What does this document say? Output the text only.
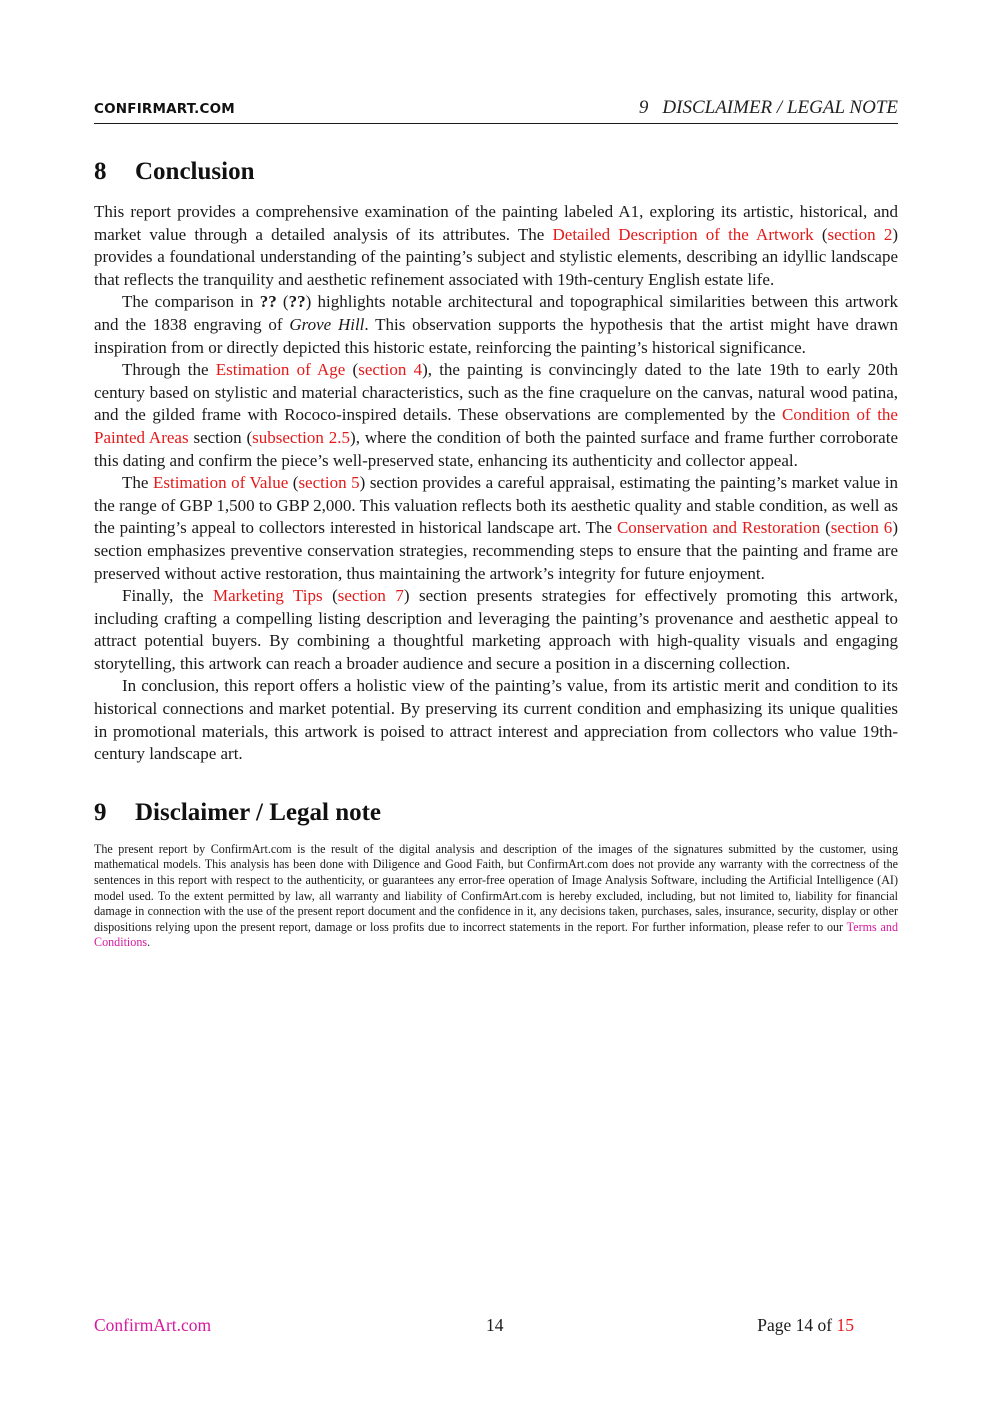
CONFIRMART.COM	9 DISCLAIMER / LEGAL NOTE
8 Conclusion

This report provides a comprehensive examination of the painting labeled A1, exploring its artistic, historical, and market value through a detailed analysis of its attributes. The Detailed Description of the Artwork (section 2) provides a foundational understanding of the painting’s subject and stylistic elements, describing an idyllic landscape that reflects the tranquility and aesthetic refinement associated with 19th-century English estate life.

The comparison in ?? (??) highlights notable architectural and topographical similarities between this artwork and the 1838 engraving of Grove Hill. This observation supports the hypothesis that the artist might have drawn inspiration from or directly depicted this historic estate, reinforcing the painting’s historical significance.

Through the Estimation of Age (section 4), the painting is convincingly dated to the late 19th to early 20th century based on stylistic and material characteristics, such as the fine craquelure on the canvas, natural wood patina, and the gilded frame with Rococo-inspired details. These observations are complemented by the Condition of the Painted Areas section (subsection 2.5), where the condition of both the painted surface and frame further corroborate this dating and confirm the piece’s well-preserved state, enhancing its authenticity and collector appeal.

The Estimation of Value (section 5) section provides a careful appraisal, estimating the painting’s market value in the range of GBP 1,500 to GBP 2,000. This valuation reflects both its aesthetic quality and stable condition, as well as the painting’s appeal to collectors interested in historical landscape art. The Conservation and Restoration (section 6) section emphasizes preventive conservation strategies, recommending steps to ensure that the painting and frame are preserved without active restoration, thus maintaining the artwork’s integrity for future enjoyment.

Finally, the Marketing Tips (section 7) section presents strategies for effectively promoting this artwork, including crafting a compelling listing description and leveraging the painting’s provenance and aesthetic appeal to attract potential buyers. By combining a thoughtful marketing approach with high-quality visuals and engaging storytelling, this artwork can reach a broader audience and secure a position in a discerning collection.

In conclusion, this report offers a holistic view of the painting’s value, from its artistic merit and condition to its historical connections and market potential. By preserving its current condition and emphasizing its unique qualities in promotional materials, this artwork is poised to attract interest and appreciation from collectors who value 19th-century landscape art.

9 Disclaimer / Legal note

The present report by ConfirmArt.com is the result of the digital analysis and description of the images of the signatures submitted by the customer, using mathematical models. This analysis has been done with Diligence and Good Faith, but ConfirmArt.com does not provide any warranty with the correctness of the sentences in this report with respect to the authenticity, or guarantees any error-free operation of Image Analysis Software, including the Artificial Intelligence (AI) model used. To the extent permitted by law, all warranty and liability of ConfirmArt.com is hereby excluded, including, but not limited to, liability for financial damage in connection with the use of the present report document and the confidence in it, any decisions taken, purchases, sales, insurance, security, display or other dispositions relying upon the present report, damage or loss profits due to incorrect statements in the report. For further information, please refer to our Terms and Conditions.

ConfirmArt.com	14	Page 14 of 15
